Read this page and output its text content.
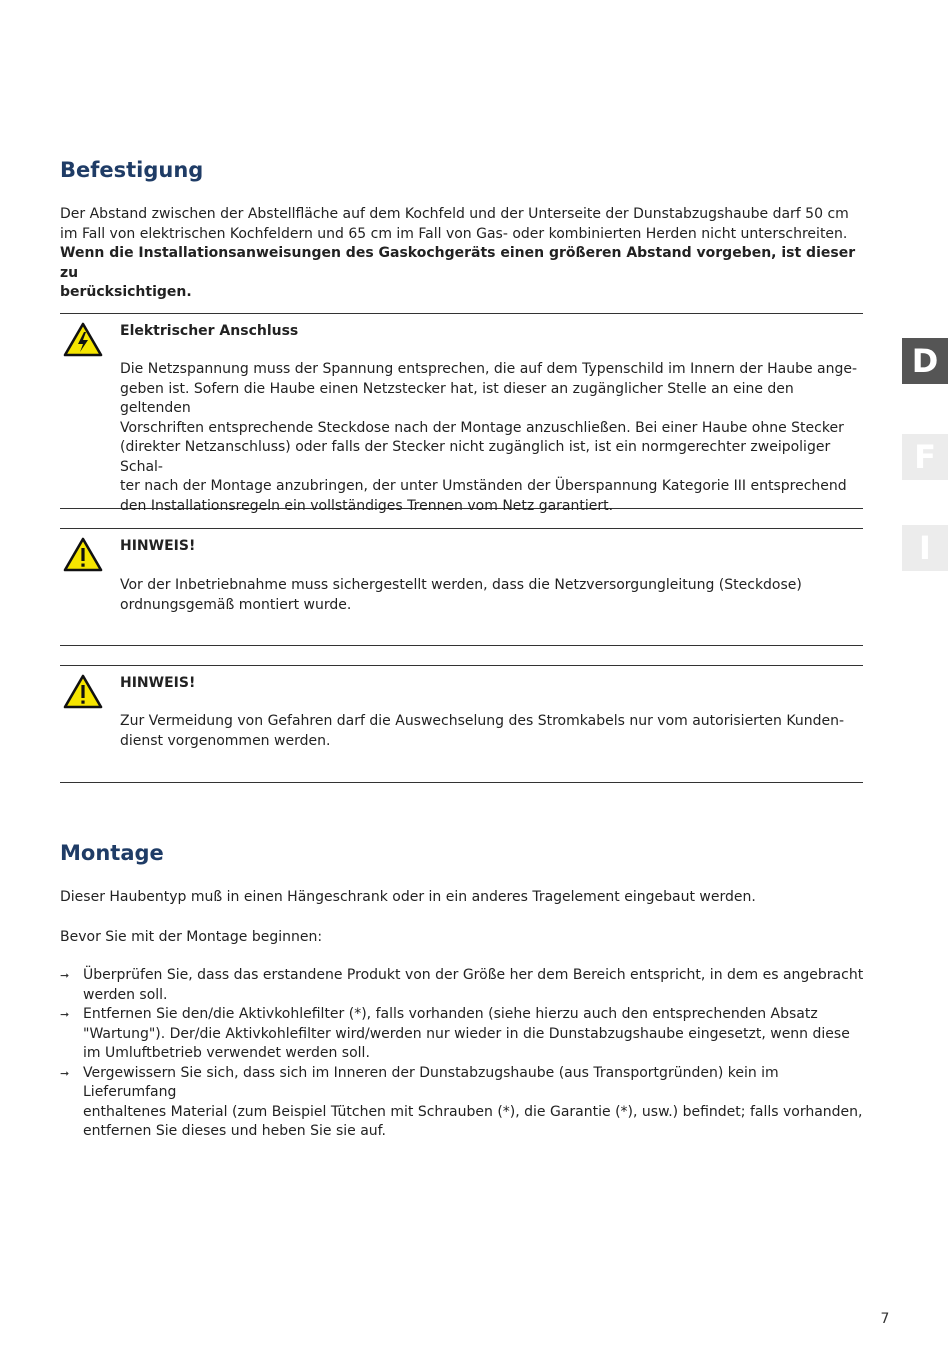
Befestigung
Der Abstand zwischen der Abstellfläche auf dem Kochfeld und der Unterseite der Dunstabzugshaube darf 50 cm
im Fall von elektrischen Kochfeldern und 65 cm im Fall von Gas- oder kombinierten Herden nicht unterschreiten.
Wenn die Installationsanweisungen des Gaskochgeräts einen größeren Abstand vorgeben, ist dieser zu
berücksichtigen.
Elektrischer Anschluss
Die Netzspannung muss der Spannung entsprechen, die auf dem Typenschild im Innern der Haube ange-
geben ist. Sofern die Haube einen Netzstecker hat, ist dieser an zugänglicher Stelle an eine den geltenden
Vorschriften entsprechende Steckdose nach der Montage anzuschließen. Bei einer Haube ohne Stecker
(direkter Netzanschluss) oder falls der Stecker nicht zugänglich ist, ist ein normgerechter zweipoliger Schal-
ter nach der Montage anzubringen, der unter Umständen der Überspannung Kategorie III entsprechend
den Installationsregeln ein vollständiges Trennen vom Netz garantiert.
HINWEIS!
Vor der Inbetriebnahme muss sichergestellt werden, dass die Netzversorgungleitung (Steckdose)
ordnungsgemäß montiert wurde.
HINWEIS!
Zur Vermeidung von Gefahren darf die Auswechselung des Stromkabels nur vom autorisierten Kunden-
dienst vorgenommen werden.
Montage
Dieser Haubentyp muß in einen Hängeschrank oder in ein anderes Tragelement eingebaut werden.
Bevor Sie mit der Montage beginnen:
➞ Überprüfen Sie, dass das erstandene Produkt von der Größe her dem Bereich entspricht, in dem es angebracht
werden soll.
➞ Entfernen Sie den/die Aktivkohlefilter (*), falls vorhanden (siehe hierzu auch den entsprechenden Absatz
"Wartung"). Der/die Aktivkohlefilter wird/werden nur wieder in die Dunstabzugshaube eingesetzt, wenn diese
im Umluftbetrieb verwendet werden soll.
➞ Vergewissern Sie sich, dass sich im Inneren der Dunstabzugshaube (aus Transportgründen) kein im Lieferumfang
enthaltenes Material (zum Beispiel Tütchen mit Schrauben (*), die Garantie (*), usw.) befindet; falls vorhanden,
entfernen Sie dieses und heben Sie sie auf.
D
F
I
7
